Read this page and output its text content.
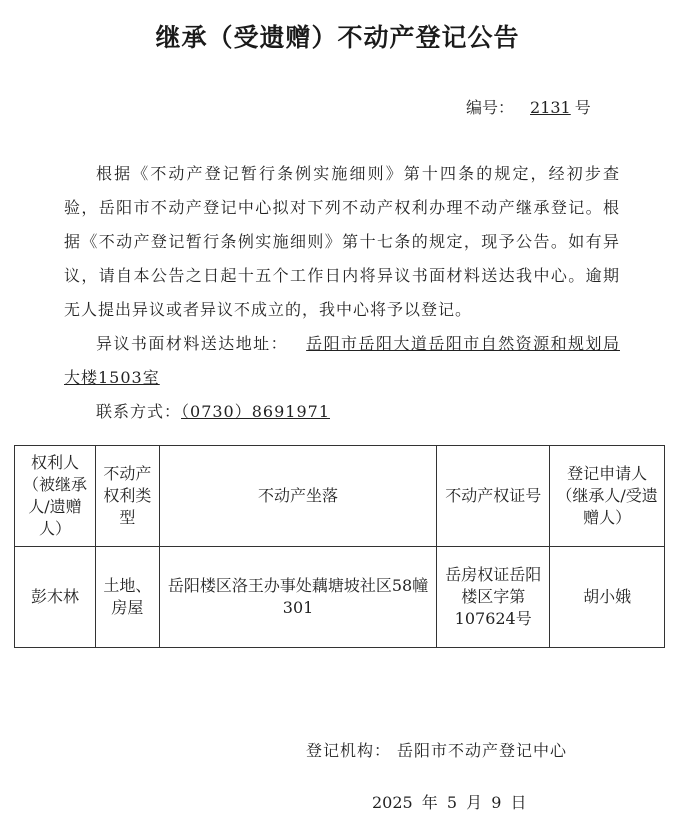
继承（受遗赠）不动产登记公告
编号： 2131 号

根据《不动产登记暂行条例实施细则》第十四条的规定，经初步查验，岳阳市不动产登记中心拟对下列不动产权利办理不动产继承登记。根据《不动产登记暂行条例实施细则》第十七条的规定，现予公告。如有异议，请自本公告之日起十五个工作日内将异议书面材料送达我中心。逾期无人提出异议或者异议不成立的，我中心将予以登记。

异议书面材料送达地址： 岳阳市岳阳大道岳阳市自然资源和规划局大楼1503室
联系方式：（0730）8691971
权利人（被继承人/遗赠人）	不动产权利类型	不动产坐落	不动产权证号	登记申请人（继承人/受遗赠人）
彭木林	土地、房屋	岳阳楼区洛王办事处藕塘坡社区58幢301	岳房权证岳阳楼区字第107624号	胡小娥
登记机构： 岳阳市不动产登记中心
2025 年 5 月 9 日
